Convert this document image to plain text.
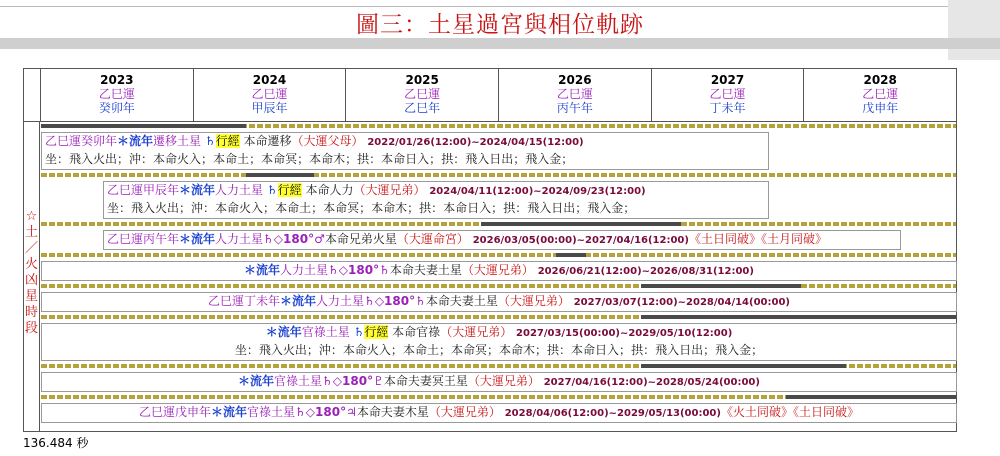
圖三：土星過宮與相位軌跡
2023
乙巳運
癸卯年
2024
乙巳運
甲辰年
2025
乙巳運
乙巳年
2026
乙巳運
丙午年
2027
乙巳運
丁未年
2028
乙巳運
戊申年
☆土／火凶星時段
乙巳運癸卯年＊流年遷移土星 ♄行經 本命遷移（大運父母） 2022/01/26(12:00)~2024/04/15(12:00)
坐：飛入火出；沖：本命火入；本命土；本命冥；本命木；拱：本命日入；拱：飛入日出；飛入金；
乙巳運甲辰年＊流年人力土星 ♄行經 本命人力（大運兄弟） 2024/04/11(12:00)~2024/09/23(12:00)
坐：飛入火出；沖：本命火入；本命土；本命冥；本命木；拱：本命日入；拱：飛入日出；飛入金；
乙巳運丙午年＊流年人力土星♄◇180°♂本命兄弟火星（大運命宮） 2026/03/05(00:00)~2027/04/16(12:00)《土日同破》《土月同破》
＊流年人力土星♄◇180°♄本命夫妻土星（大運兄弟） 2026/06/21(12:00)~2026/08/31(12:00)
乙巳運丁未年＊流年人力土星♄◇180°♄本命夫妻土星（大運兄弟） 2027/03/07(12:00)~2028/04/14(00:00)
＊流年官祿土星 ♄行經 本命官祿（大運兄弟） 2027/03/15(00:00)~2029/05/10(12:00)
坐：飛入火出；沖：本命火入；本命土；本命冥；本命木；拱：本命日入；拱：飛入日出；飛入金；
＊流年官祿土星♄◇180°♇本命夫妻冥王星（大運兄弟） 2027/04/16(12:00)~2028/05/24(00:00)
乙巳運戊申年＊流年官祿土星♄◇180°♃本命夫妻木星（大運兄弟） 2028/04/06(12:00)~2029/05/13(00:00)《火土同破》《土日同破》
136.484 秒
